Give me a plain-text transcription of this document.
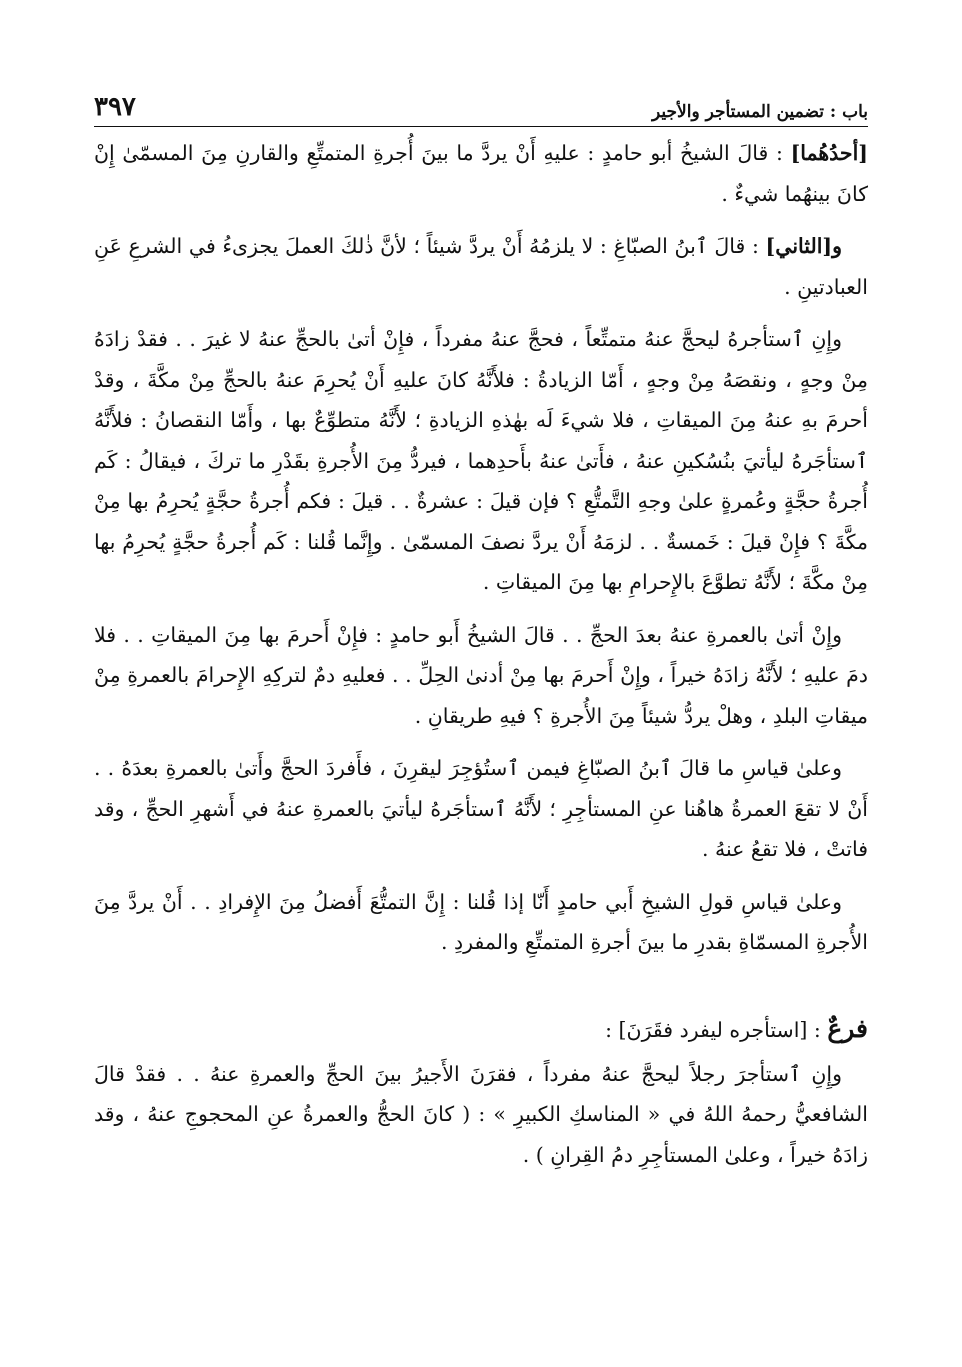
باب : تضمين المستأجر والأجير
٣٩٧

[أحدُهُما] : قالَ الشيخُ أبو حامدٍ : عليهِ أَنْ يردَّ ما بينَ أُجرةِ المتمتِّعِ والقارنِ مِنَ المسمّىٰ إِنْ كانَ بينهُما شيءٌ .

و[الثاني] : قالَ ٱبنُ الصبّاغِ : لا يلزمُهُ أَنْ يردَّ شيئاً ؛ لأنَّ ذٰلكَ العملَ يجزىءُ في الشرعِ عَنِ العبادتينِ .

وإِنِ ٱستأجرهُ ليحجَّ عنهُ متمتِّعاً ، فحجَّ عنهُ مفرداً ، فإِنْ أتىٰ بالحجِّ عنهُ لا غيرَ . . فقدْ زادَهُ مِنْ وجهٍ ، ونقصَهُ مِنْ وجهٍ ، أَمّا الزيادةُ : فلأَنَّهُ كانَ عليهِ أَنْ يُحرِمَ عنهُ بالحجِّ مِنْ مكَّةَ ، وقدْ أحرمَ بهِ عنهُ مِنَ الميقاتِ ، فلا شيءَ لَه بهٰذهِ الزيادةِ ؛ لأَنَّهُ متطوِّعٌ بها ، وأَمّا النقصانُ : فلأَنَّهُ ٱستأجَرهُ ليأتيَ بنُسُكينِ عنهُ ، فأَتىٰ عنهُ بأَحدِهما ، فيردُّ مِنَ الأُجرةِ بقَدْرِ ما تركَ ، فيقالُ : كَم أُجرةُ حجَّةٍ وعُمرةٍ علىٰ وجهِ التَّمتُّعِ ؟ فإن قيلَ : عشرةٌ . . قيلَ : فكم أُجرةُ حجَّةٍ يُحرِمُ بها مِنْ مكَّةَ ؟ فإِنْ قيلَ : خَمسةٌ . . لزمَهُ أَنْ يردَّ نصفَ المسمّىٰ . وإِنَّما قُلنا : كَم أُجرةُ حجَّةٍ يُحرِمُ بها مِنْ مكَّةَ ؛ لأَنَّهُ تطوَّعَ بالإِحرامِ بها مِنَ الميقاتِ .

وإِنْ أتىٰ بالعمرةِ عنهُ بعدَ الحجِّ . . قالَ الشيخُ أَبو حامدٍ : فإِنْ أَحرمَ بها مِنَ الميقاتِ . . فلا دمَ عليهِ ؛ لأَنَّهُ زادَهُ خيراً ، وإِنْ أَحرمَ بها مِنْ أدنىٰ الحِلِّ . . فعليهِ دمٌ لتركِهِ الإِحرامَ بالعمرةِ مِنْ ميقاتِ البلدِ ، وهلْ يردُّ شيئاً مِنَ الأُجرةِ ؟ فيهِ طريقانِ .

وعلىٰ قياسِ ما قالَ ٱبنُ الصبّاغِ فيمن ٱستُؤجِرَ ليقرِنَ ، فأَفردَ الحجَّ وأَتىٰ بالعمرةِ بعدَهُ . . أَنْ لا تقعَ العمرةُ هاهُنا عنِ المستأجِرِ ؛ لأَنَّهُ ٱستأجَرهُ ليأتيَ بالعمرةِ عنهُ في أَشهرِ الحجِّ ، وقد فاتتْ ، فلا تقعُ عنهُ .

وعلىٰ قياسِ قولِ الشيخِ أَبي حامدٍ أَنّا إذا قُلنا : إِنَّ التمتُّعَ أَفضلُ مِنَ الإِفرادِ . . أَنْ يردَّ مِنَ الأُجرةِ المسمّاةِ بقدرِ ما بينَ أجرةِ المتمتِّعِ والمفردِ .

فرعٌ : [استأجره ليفرد فقَرَنَ] :

وإِنِ ٱستأجرَ رجلاً ليحجَّ عنهُ مفرداً ، فقرَنَ الأَجيرُ بينَ الحجِّ والعمرةِ عنهُ . . فقدْ قالَ الشافعيُّ رحمهُ اللهُ في « المناسكِ الكبيرِ » : ( كانَ الحجُّ والعمرةُ عنِ المحجوجِ عنهُ ، وقد زادَهُ خيراً ، وعلىٰ المستأجِرِ دمُ القِرانِ ) .
